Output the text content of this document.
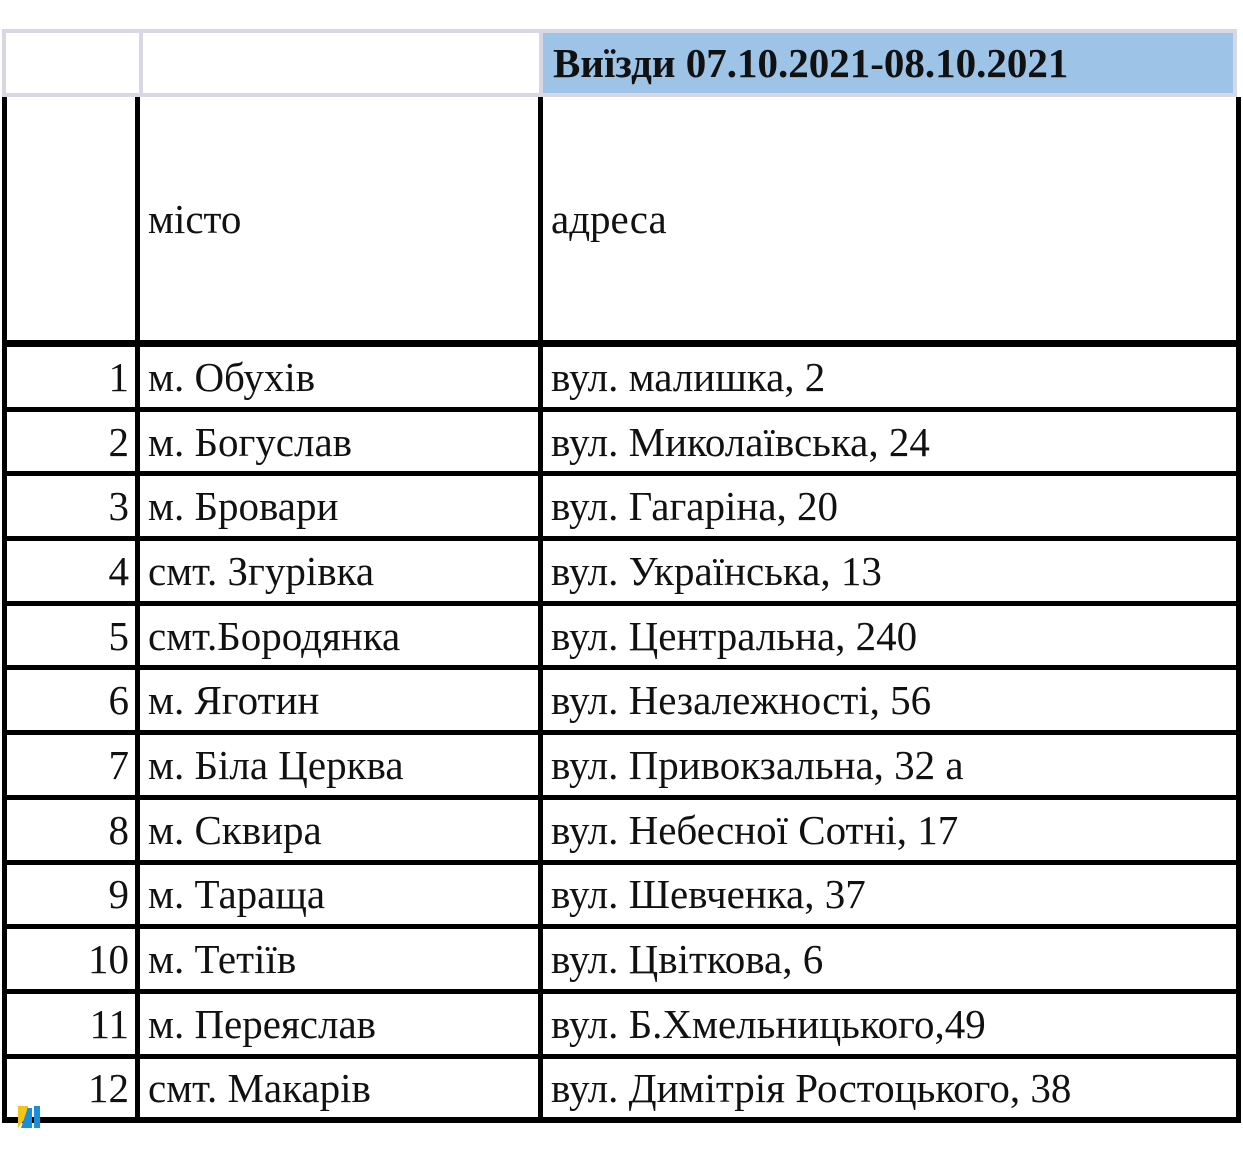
Виїзди 07.10.2021-08.10.2021
місто	адреса
1 м. Обухів	вул. малишка, 2
2 м. Богуслав	вул. Миколаївська, 24
3 м. Бровари	вул. Гагаріна, 20
4 смт. Згурівка	вул. Українська, 13
5 смт.Бородянка	вул. Центральна, 240
6 м. Яготин	вул. Незалежності, 56
7 м. Біла Церква	вул. Привокзальна, 32 а
8 м. Сквира	вул. Небесної Сотні, 17
9 м. Тараща	вул. Шевченка, 37
10 м. Тетіїв	вул. Цвіткова, 6
11 м. Переяслав	вул. Б.Хмельницького,49
12 смт. Макарів	вул. Димітрія Ростоцького, 38
